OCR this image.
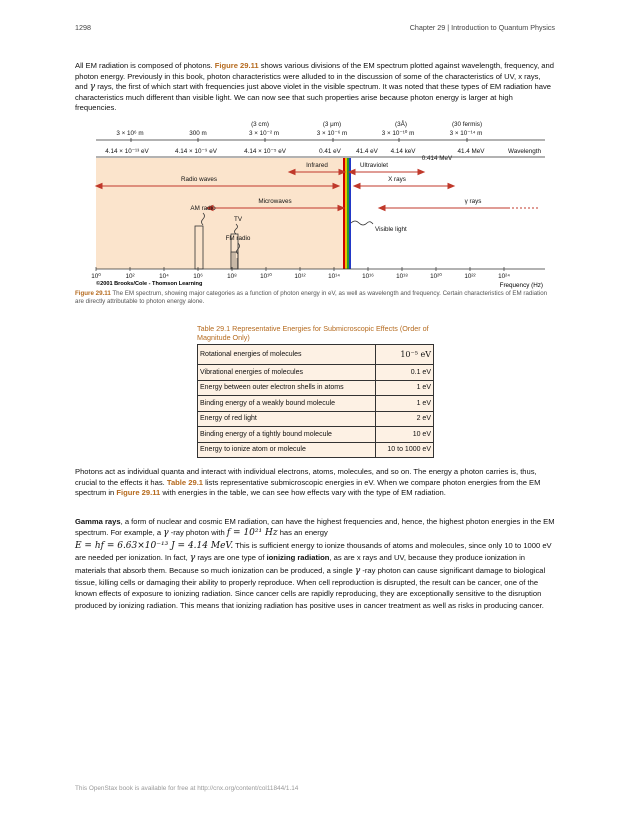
1298	Chapter 29 | Introduction to Quantum Physics

All EM radiation is composed of photons. Figure 29.11 shows various divisions of the EM spectrum plotted against wavelength, frequency, and photon energy. Previously in this book, photon characteristics were alluded to in the discussion of some of the characteristics of UV, x rays, and γ rays, the first of which start with frequencies just above violet in the visible spectrum. It was noted that these types of EM radiation have characteristics much different than visible light. We can now see that such properties arise because photon energy is larger at high frequencies.

(3 cm)	(3 μm)	(3Å)	(30 fermis)
3 × 10⁶ m	300 m	3 × 10⁻² m	3 × 10⁻⁶ m	3 × 10⁻¹⁰ m	3 × 10⁻¹⁴ m
4.14 × 10⁻¹³ eV	4.14 × 10⁻⁹ eV	4.14 × 10⁻⁵ eV	0.41 eV 41.4 eV 4.14 keV
0.414 MeV
41.4 MeV	Wavelength
Infrared	Ultraviolet
Radio waves	X rays
Microwaves	γ rays
AM radio
TV
FM radio
Visible light
10⁰	10²	10⁴	10⁶	10⁸	10¹⁰	10¹²	10¹⁴	10¹⁶	10¹⁸	10²⁰	10²²	10²⁴
Frequency (Hz)
©2001 Brooks/Cole - Thomson Learning

Figure 29.11 The EM spectrum, showing major categories as a function of photon energy in eV, as well as wavelength and frequency. Certain characteristics of EM radiation are directly attributable to photon energy alone.

Table 29.1 Representative Energies for Submicroscopic Effects (Order of Magnitude Only)

Rotational energies of molecules	10⁻⁵ eV
Vibrational energies of molecules	0.1 eV
Energy between outer electron shells in atoms	1 eV
Binding energy of a weakly bound molecule	1 eV
Energy of red light	2 eV
Binding energy of a tightly bound molecule	10 eV
Energy to ionize atom or molecule	10 to 1000 eV

Photons act as individual quanta and interact with individual electrons, atoms, molecules, and so on. The energy a photon carries is, thus, crucial to the effects it has. Table 29.1 lists representative submicroscopic energies in eV. When we compare photon energies from the EM spectrum in Figure 29.11 with energies in the table, we can see how effects vary with the type of EM radiation.

Gamma rays, a form of nuclear and cosmic EM radiation, can have the highest frequencies and, hence, the highest photon energies in the EM spectrum. For example, a γ -ray photon with f = 10²¹ Hz has an energy
E = hf = 6.63×10⁻¹³ J = 4.14 MeV. This is sufficient energy to ionize thousands of atoms and molecules, since only 10 to 1000 eV are needed per ionization. In fact, γ rays are one type of ionizing radiation, as are x rays and UV, because they produce ionization in materials that absorb them. Because so much ionization can be produced, a single γ -ray photon can cause significant damage to biological tissue, killing cells or damaging their ability to properly reproduce. When cell reproduction is disrupted, the result can be cancer, one of the known effects of exposure to ionizing radiation. Since cancer cells are rapidly reproducing, they are exceptionally sensitive to the disruption produced by ionizing radiation. This means that ionizing radiation has positive uses in cancer treatment as well as risks in producing cancer.

This OpenStax book is available for free at http://cnx.org/content/col11844/1.14
